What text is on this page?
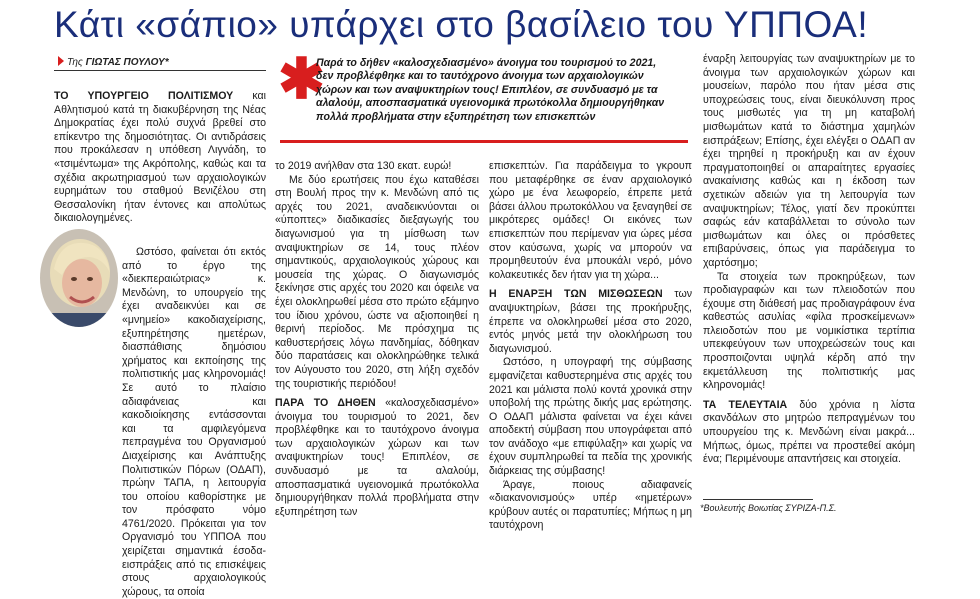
Κάτι «σάπιο» υπάρχει στο βασίλειο του ΥΠΠΟΑ!
Της ΓΙΩΤΑΣ ΠΟΥΛΟΥ*

ΤΟ ΥΠΟΥΡΓΕΙΟ ΠΟΛΙΤΙΣΜΟΥ και Αθλητισμού κατά τη διακυβέρνηση της Νέας Δημοκρατίας έχει πολύ συχνά βρεθεί στο επίκεντρο της δημοσιότητας. Οι αντιδράσεις που προκάλεσαν η υπόθεση Λιγνάδη, το «τσιμέντωμα» της Ακρόπολης, καθώς και τα σχέδια ακρωτηριασμού των αρχαιολογικών ευρημάτων του σταθμού Βενιζέλου στη Θεσσαλονίκη ήταν έντονες και απολύτως δικαιολογημένες.

Ωστόσο, φαίνεται ότι εκτός από το έργο της «διεκπεραιώτριας» κ. Μενδώνη, το υπουργείο της έχει αναδεικνύει και σε «μνημείο» κακοδιαχείρισης, εξυπηρέτησης ημετέρων, διασπάθισης δημόσιου χρήματος και εκποίησης της πολιτιστικής μας κληρονομιάς! Σε αυτό το πλαίσιο αδιαφάνειας και κακοδιοίκησης εντάσσονται και τα αμφιλεγόμενα πεπραγμένα του Οργανισμού Διαχείρισης και Ανάπτυξης Πολιτιστικών Πόρων (ΟΔΑΠ), πρώην ΤΑΠΑ, η λειτουργία του οποίου καθορίστηκε με τον πρόσφατο νόμο 4761/2020. Πρόκειται για τον Οργανισμό του ΥΠΠΟΑ που χειρίζεται σημαντικά έσοδα-εισπράξεις από τις επισκέψεις στους αρχαιολογικούς χώρους, τα οποία

✱
Παρά το δήθεν «καλοσχεδιασμένο» άνοιγμα του τουρισμού το 2021, δεν προβλέφθηκε και το ταυτόχρονο άνοιγμα των αρχαιολογικών χώρων και των αναψυκτηρίων τους! Επιπλέον, σε συνδυασμό με τα αλαλούμ, αποσπασματικά υγειονομικά πρωτόκολλα δημιουργήθηκαν πολλά προβλήματα στην εξυπηρέτηση των επισκεπτών

το 2019 ανήλθαν στα 130 εκατ. ευρώ!

Με δύο ερωτήσεις που έχω καταθέσει στη Βουλή προς την κ. Μενδώνη από τις αρχές του 2021, αναδεικνύονται οι «ύποπτες» διαδικασίες διεξαγωγής του διαγωνισμού για τη μίσθωση των αναψυκτηρίων σε 14, τους πλέον σημαντικούς, αρχαιολογικούς χώρους και μουσεία της χώρας. Ο διαγωνισμός ξεκίνησε στις αρχές του 2020 και όφειλε να έχει ολοκληρωθεί μέσα στο πρώτο εξάμηνο του ίδιου χρόνου, ώστε να αξιοποιηθεί η θερινή περίοδος. Με πρόσχημα τις καθυστερήσεις λόγω πανδημίας, δόθηκαν δύο παρατάσεις και ολοκληρώθηκε τελικά τον Αύγουστο του 2020, στη λήξη σχεδόν της τουριστικής περιόδου!

ΠΑΡΑ ΤΟ ΔΗΘΕΝ «καλοσχεδιασμένο» άνοιγμα του τουρισμού το 2021, δεν προβλέφθηκε και το ταυτόχρονο άνοιγμα των αρχαιολογικών χώρων και των αναψυκτηρίων τους! Επιπλέον, σε συνδυασμό με τα αλαλούμ, αποσπασματικά υγειονομικά πρωτόκολλα δημιουργήθηκαν πολλά προβλήματα στην εξυπηρέτηση των

επισκεπτών. Για παράδειγμα το γκρουπ που μεταφέρθηκε σε έναν αρχαιολογικό χώρο με ένα λεωφορείο, έπρεπε μετά βάσει άλλου πρωτοκόλλου να ξεναγηθεί σε μικρότερες ομάδες! Οι εικόνες των επισκεπτών που περίμεναν για ώρες μέσα στον καύσωνα, χωρίς να μπορούν να προμηθευτούν ένα μπουκάλι νερό, μόνο κολακευτικές δεν ήταν για τη χώρα...

Η ΕΝΑΡΞΗ ΤΩΝ ΜΙΣΘΩΣΕΩΝ των αναψυκτηρίων, βάσει της προκήρυξης, έπρεπε να ολοκληρωθεί μέσα στο 2020, εντός μηνός μετά την ολοκλήρωση του διαγωνισμού.

Ωστόσο, η υπογραφή της σύμβασης εμφανίζεται καθυστερημένα στις αρχές του 2021 και μάλιστα πολύ κοντά χρονικά στην υποβολή της πρώτης δικής μας ερώτησης. Ο ΟΔΑΠ μάλιστα φαίνεται να έχει κάνει αποδεκτή σύμβαση που υπογράφεται από τον ανάδοχο «με επιφύλαξη» και χωρίς να έχουν συμπληρωθεί τα πεδία της χρονικής διάρκειας της σύμβασης!

Άραγε, ποιους αδιαφανείς «διακανονισμούς» υπέρ «ημετέρων» κρύβουν αυτές οι παρατυπίες; Μήπως η μη ταυτόχρονη

έναρξη λειτουργίας των αναψυκτηρίων με το άνοιγμα των αρχαιολογικών χώρων και μουσείων, παρόλο που ήταν μέσα στις υποχρεώσεις τους, είναι διευκόλυνση προς τους μισθωτές για τη μη καταβολή μισθωμάτων κατά το διάστημα χαμηλών εισπράξεων; Επίσης, έχει ελέγξει ο ΟΔΑΠ αν έχει τηρηθεί η προκήρυξη και αν έχουν πραγματοποιηθεί οι απαραίτητες εργασίες ανακαίνισης καθώς και η έκδοση των σχετικών αδειών για τη λειτουργία των αναψυκτηρίων; Τέλος, γιατί δεν προκύπτει σαφώς εάν καταβάλλεται το σύνολο των μισθωμάτων και όλες οι πρόσθετες επιβαρύνσεις, όπως για παράδειγμα το χαρτόσημο;

Τα στοιχεία των προκηρύξεων, των προδιαγραφών και των πλειοδοτών που έχουμε στη διάθεσή μας προδιαγράφουν ένα καθεστώς ασυλίας «φίλα προσκείμενων» πλειοδοτών που με νομικίστικα τερτίπια υπεκφεύγουν των υποχρεώσεών τους και προσποιζονται υψηλά κέρδη από την εκμετάλλευση της πολιτιστικής μας κληρονομιάς!

ΤΑ ΤΕΛΕΥΤΑΙΑ δύο χρόνια η λίστα σκανδάλων στο μητρώο πεπραγμένων του υπουργείου της κ. Μενδώνη είναι μακρά... Μήπως, όμως, πρέπει να προστεθεί ακόμη ένα; Περιμένουμε απαντήσεις και στοιχεία.

*Βουλευτής Βοιωτίας ΣΥΡΙΖΑ-Π.Σ.
